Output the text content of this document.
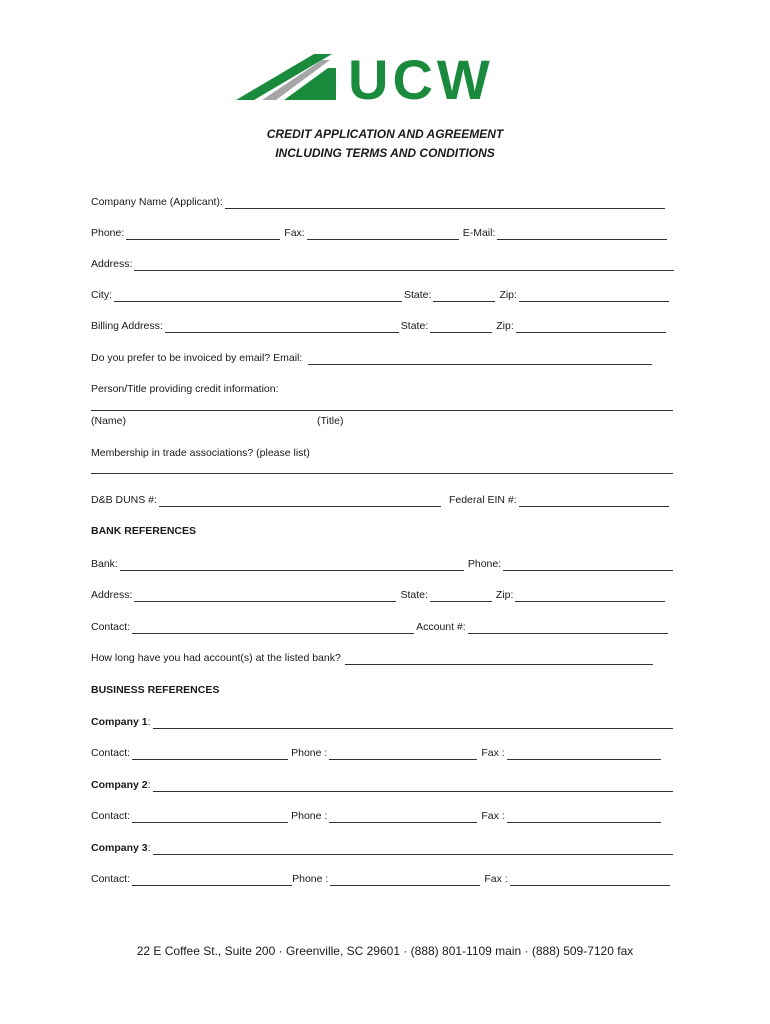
UCW
CREDIT APPLICATION AND AGREEMENT
INCLUDING TERMS AND CONDITIONS
Company Name (Applicant):
Phone:	Fax:	E-Mail:
Address:
City:	State:	Zip:
Billing Address:	State:	Zip:
Do you prefer to be invoiced by email? Email:
Person/Title providing credit information:
(Name)	(Title)
Membership in trade associations? (please list)
D&B DUNS #:	Federal EIN #:
BANK REFERENCES
Bank:	Phone:
Address:	State:	Zip:
Contact:	Account #:
How long have you had account(s) at the listed bank?
BUSINESS REFERENCES
Company 1 :
Contact:	Phone :	Fax :
Company 2 :
Contact:	Phone :	Fax :
Company 3 :
Contact:	Phone :	Fax :
22 E Coffee St., Suite 200 · Greenville, SC 29601 · (888) 801-1109 main · (888) 509-7120 fax
